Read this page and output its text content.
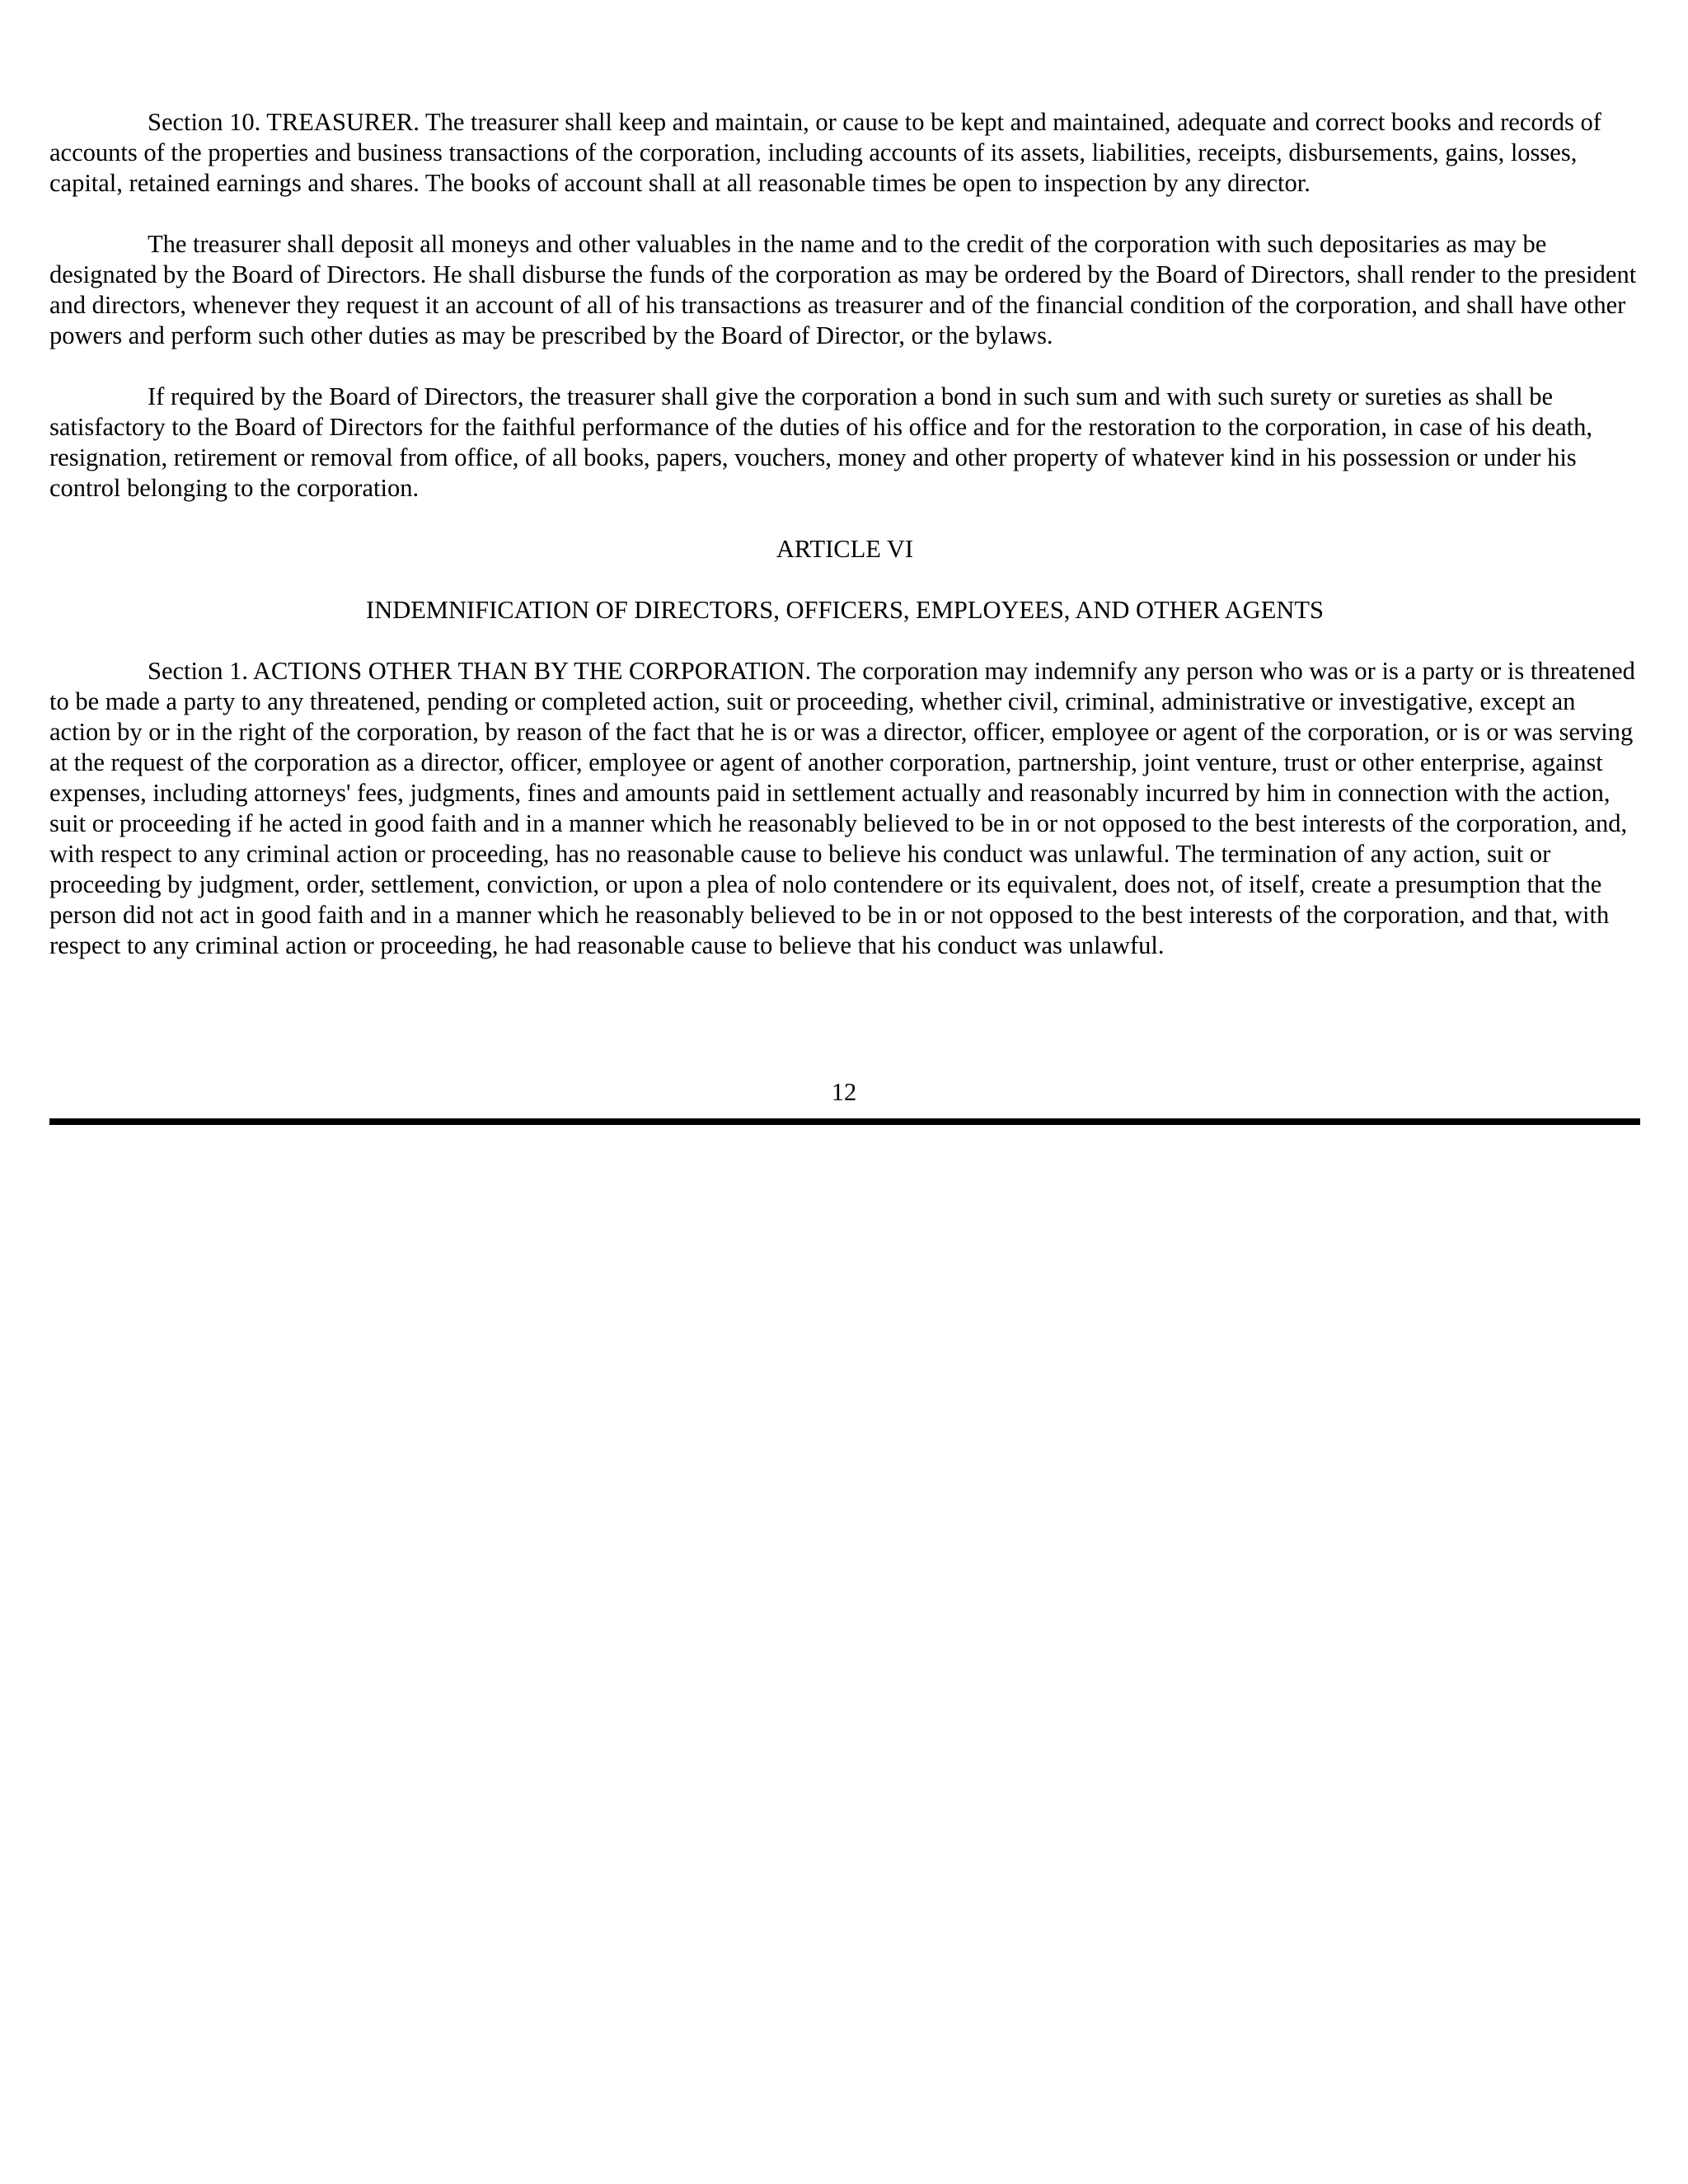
Section 10. TREASURER. The treasurer shall keep and maintain, or cause to be kept and maintained, adequate and correct books and records of accounts of the properties and business transactions of the corporation, including accounts of its assets, liabilities, receipts, disbursements, gains, losses, capital, retained earnings and shares. The books of account shall at all reasonable times be open to inspection by any director.

The treasurer shall deposit all moneys and other valuables in the name and to the credit of the corporation with such depositaries as may be designated by the Board of Directors. He shall disburse the funds of the corporation as may be ordered by the Board of Directors, shall render to the president and directors, whenever they request it an account of all of his transactions as treasurer and of the financial condition of the corporation, and shall have other powers and perform such other duties as may be prescribed by the Board of Director, or the bylaws.

If required by the Board of Directors, the treasurer shall give the corporation a bond in such sum and with such surety or sureties as shall be satisfactory to the Board of Directors for the faithful performance of the duties of his office and for the restoration to the corporation, in case of his death, resignation, retirement or removal from office, of all books, papers, vouchers, money and other property of whatever kind in his possession or under his control belonging to the corporation.

ARTICLE VI

INDEMNIFICATION OF DIRECTORS, OFFICERS, EMPLOYEES, AND OTHER AGENTS

Section 1. ACTIONS OTHER THAN BY THE CORPORATION. The corporation may indemnify any person who was or is a party or is threatened to be made a party to any threatened, pending or completed action, suit or proceeding, whether civil, criminal, administrative or investigative, except an action by or in the right of the corporation, by reason of the fact that he is or was a director, officer, employee or agent of the corporation, or is or was serving at the request of the corporation as a director, officer, employee or agent of another corporation, partnership, joint venture, trust or other enterprise, against expenses, including attorneys' fees, judgments, fines and amounts paid in settlement actually and reasonably incurred by him in connection with the action, suit or proceeding if he acted in good faith and in a manner which he reasonably believed to be in or not opposed to the best interests of the corporation, and, with respect to any criminal action or proceeding, has no reasonable cause to believe his conduct was unlawful. The termination of any action, suit or proceeding by judgment, order, settlement, conviction, or upon a plea of nolo contendere or its equivalent, does not, of itself, create a presumption that the person did not act in good faith and in a manner which he reasonably believed to be in or not opposed to the best interests of the corporation, and that, with respect to any criminal action or proceeding, he had reasonable cause to believe that his conduct was unlawful.

12
